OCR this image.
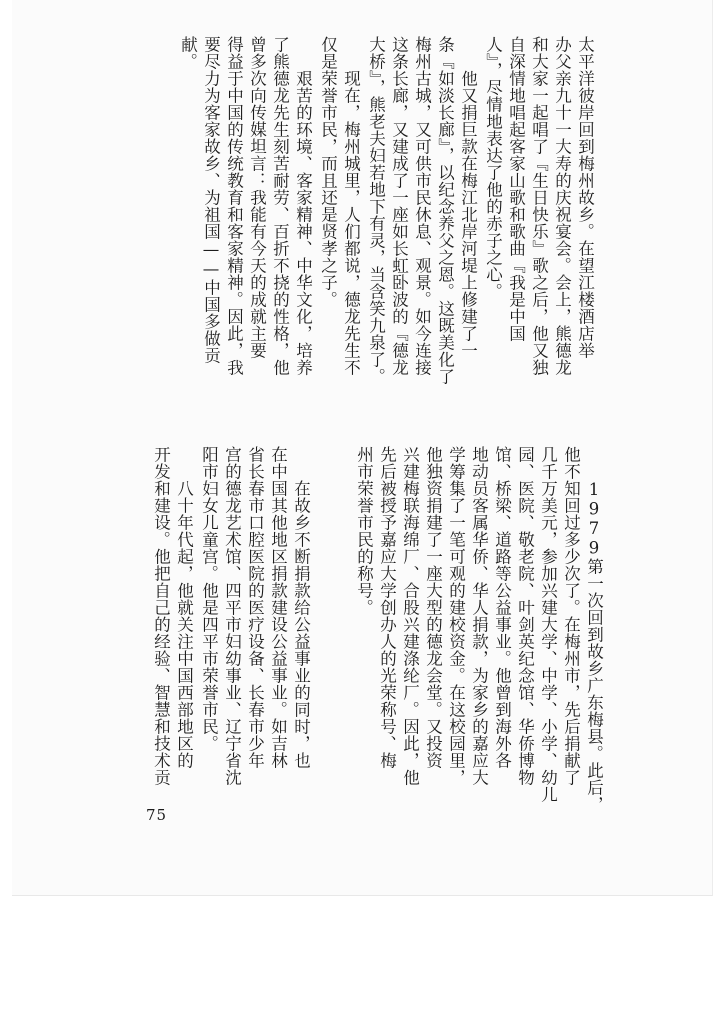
太平洋彼岸回到梅州故乡。在望江楼酒店举
办父亲九十一大寿的庆祝宴会。会上，熊德龙
和大家一起唱了『生日快乐』歌之后，他又独
自深情地唱起客家山歌和歌曲『我是中国
人』，尽情地表达了他的赤子之心。
他又捐巨款在梅江北岸河堤上修建了一
条『如淡长廊』，以纪念养父之恩。这既美化了
梅州古城，又可供市民休息、观景。如今连接
这条长廊，又建成了一座如长虹卧波的『德龙
大桥』，熊老夫妇若地下有灵，当含笑九泉了。
现在，梅州城里，人们都说，德龙先生不
仅是荣誉市民，而且还是贤孝之子。
艰苦的环境、客家精神、中华文化，培养
了熊德龙先生刻苦耐劳、百折不挠的性格，他
曾多次向传媒坦言：我能有今天的成就主要
得益于中国的传统教育和客家精神。因此，我
要尽力为客家故乡、为祖国——中国多做贡
献。
1979第一次回到故乡广东梅县。此后，
他不知回过多少次了。在梅州市，先后捐献了
几千万美元，参加兴建大学、中学、小学、幼儿
园、医院、敬老院、叶剑英纪念馆、华侨博物
馆、桥梁、道路等公益事业。他曾到海外各
地动员客属华侨、华人捐款，为家乡的嘉应大
学筹集了一笔可观的建校资金。在这校园里，
他独资捐建了一座大型的德龙会堂。又投资
兴建梅联海绵厂、合股兴建涤纶厂。因此，他
先后被授予嘉应大学创办人的光荣称号、梅
州市荣誉市民的称号。
在故乡不断捐款给公益事业的同时，也
在中国其他地区捐款建设公益事业。如吉林
省长春市口腔医院的医疗设备、长春市少年
宫的德龙艺术馆、四平市妇幼事业、辽宁省沈
阳市妇女儿童宫。他是四平市荣誉市民。
八十年代起，他就关注中国西部地区的
开发和建设。他把自己的经验、智慧和技术贡
75
